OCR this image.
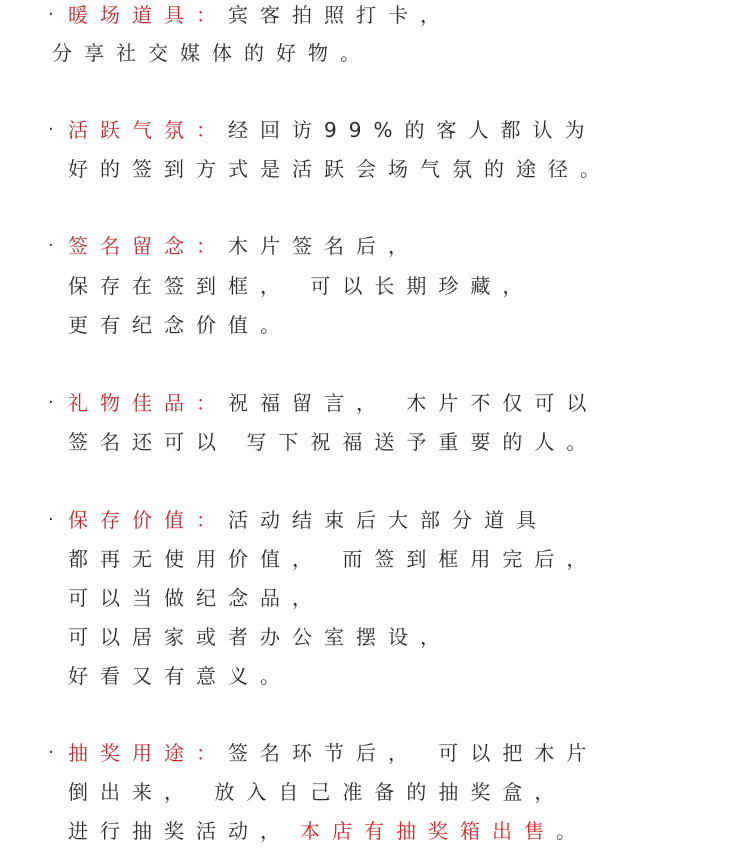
· 暖场道具：宾客拍照打卡，
分享社交媒体的好物。
· 活跃气氛：经回访99%的客人都认为
好的签到方式是活跃会场气氛的途径。
· 签名留念：木片签名后，
保存在签到框， 可以长期珍藏，
更有纪念价值。
· 礼物佳品：祝福留言， 木片不仅可以
签名还可以 写下祝福送予重要的人。
· 保存价值：活动结束后大部分道具
都再无使用价值， 而签到框用完后，
可以当做纪念品，
可以居家或者办公室摆设，
好看又有意义。
· 抽奖用途：签名环节后， 可以把木片
倒出来， 放入自己准备的抽奖盒，
进行抽奖活动， 本店有抽奖箱出售。
